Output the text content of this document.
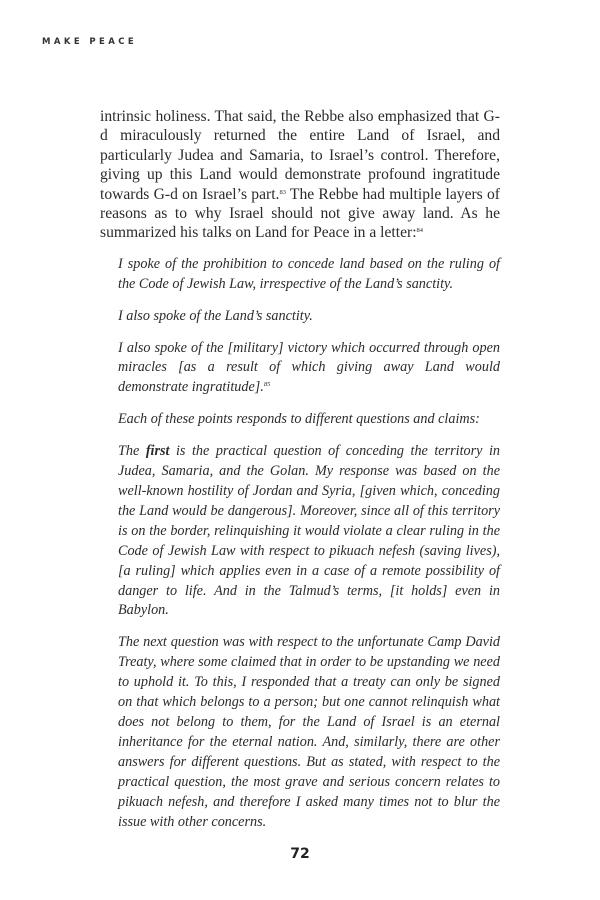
MAKE PEACE

intrinsic holiness. That said, the Rebbe also emphasized that G-d miraculously returned the entire Land of Israel, and particularly Judea and Samaria, to Israel’s control. Therefore, giving up this Land would demonstrate profound ingratitude towards G-d on Israel’s part.$^{83}$ The Rebbe had multiple layers of reasons as to why Israel should not give away land. As he summarized his talks on Land for Peace in a letter:$^{84}$

I spoke of the prohibition to concede land based on the ruling of the Code of Jewish Law, irrespective of the Land’s sanctity.

I also spoke of the Land’s sanctity.

I also spoke of the [military] victory which occurred through open miracles [as a result of which giving away Land would demonstrate ingratitude].$^{85}$

Each of these points responds to different questions and claims:

The first is the practical question of conceding the territory in Judea, Samaria, and the Golan. My response was based on the well-known hostility of Jordan and Syria, [given which, conceding the Land would be dangerous]. Moreover, since all of this territory is on the border, relinquishing it would violate a clear ruling in the Code of Jewish Law with respect to pikuach nefesh (saving lives), [a ruling] which applies even in a case of a remote possibility of danger to life. And in the Talmud’s terms, [it holds] even in Babylon.

The next question was with respect to the unfortunate Camp David Treaty, where some claimed that in order to be upstanding we need to uphold it. To this, I responded that a treaty can only be signed on that which belongs to a person; but one cannot relinquish what does not belong to them, for the Land of Israel is an eternal inheritance for the eternal nation. And, similarly, there are other answers for different questions. But as stated, with respect to the practical question, the most grave and serious concern relates to pikuach nefesh, and therefore I asked many times not to blur the issue with other concerns.

72
